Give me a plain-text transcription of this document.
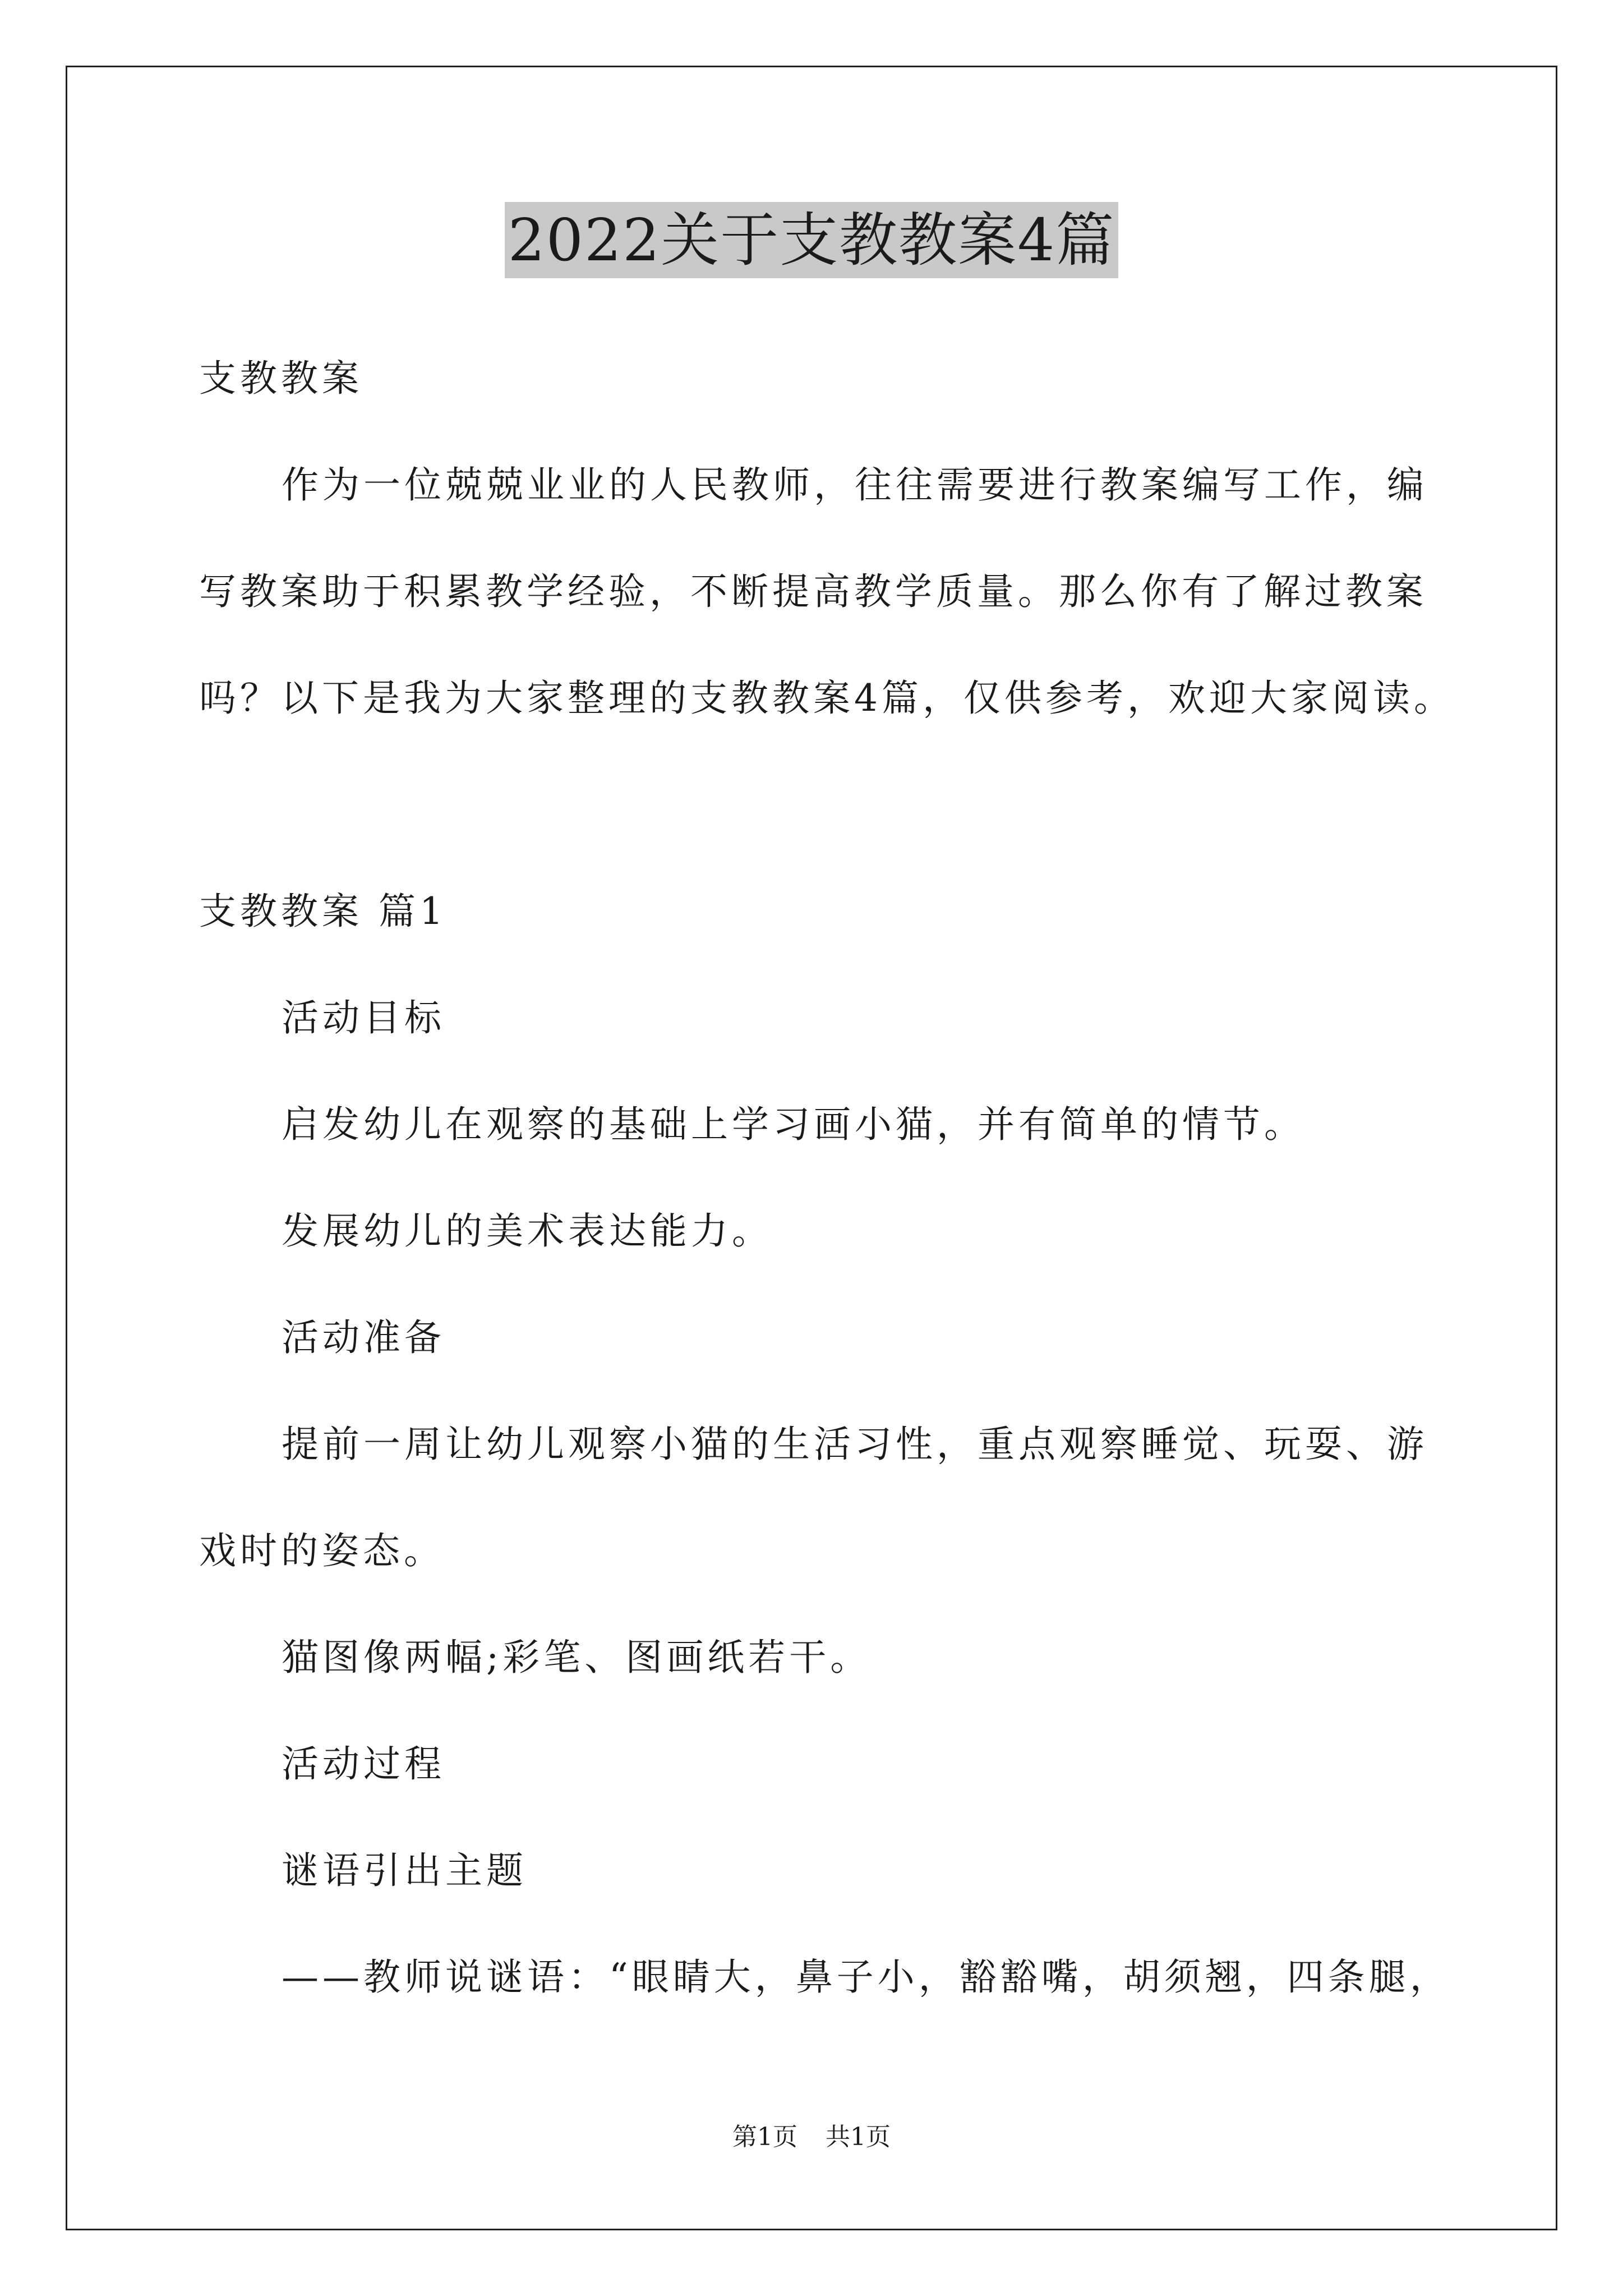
2022关于支教教案4篇
支教教案
作为一位兢兢业业的人民教师，往往需要进行教案编写工作，编
写教案助于积累教学经验，不断提高教学质量。那么你有了解过教案
吗？以下是我为大家整理的支教教案4篇，仅供参考，欢迎大家阅读。
支教教案 篇1
活动目标
启发幼儿在观察的基础上学习画小猫，并有简单的情节。
发展幼儿的美术表达能力。
活动准备
提前一周让幼儿观察小猫的生活习性，重点观察睡觉、玩耍、游
戏时的姿态。
猫图像两幅;彩笔、图画纸若干。
活动过程
谜语引出主题
——教师说谜语：“眼睛大，鼻子小，豁豁嘴，胡须翘，四条腿，
第1页 共1页
